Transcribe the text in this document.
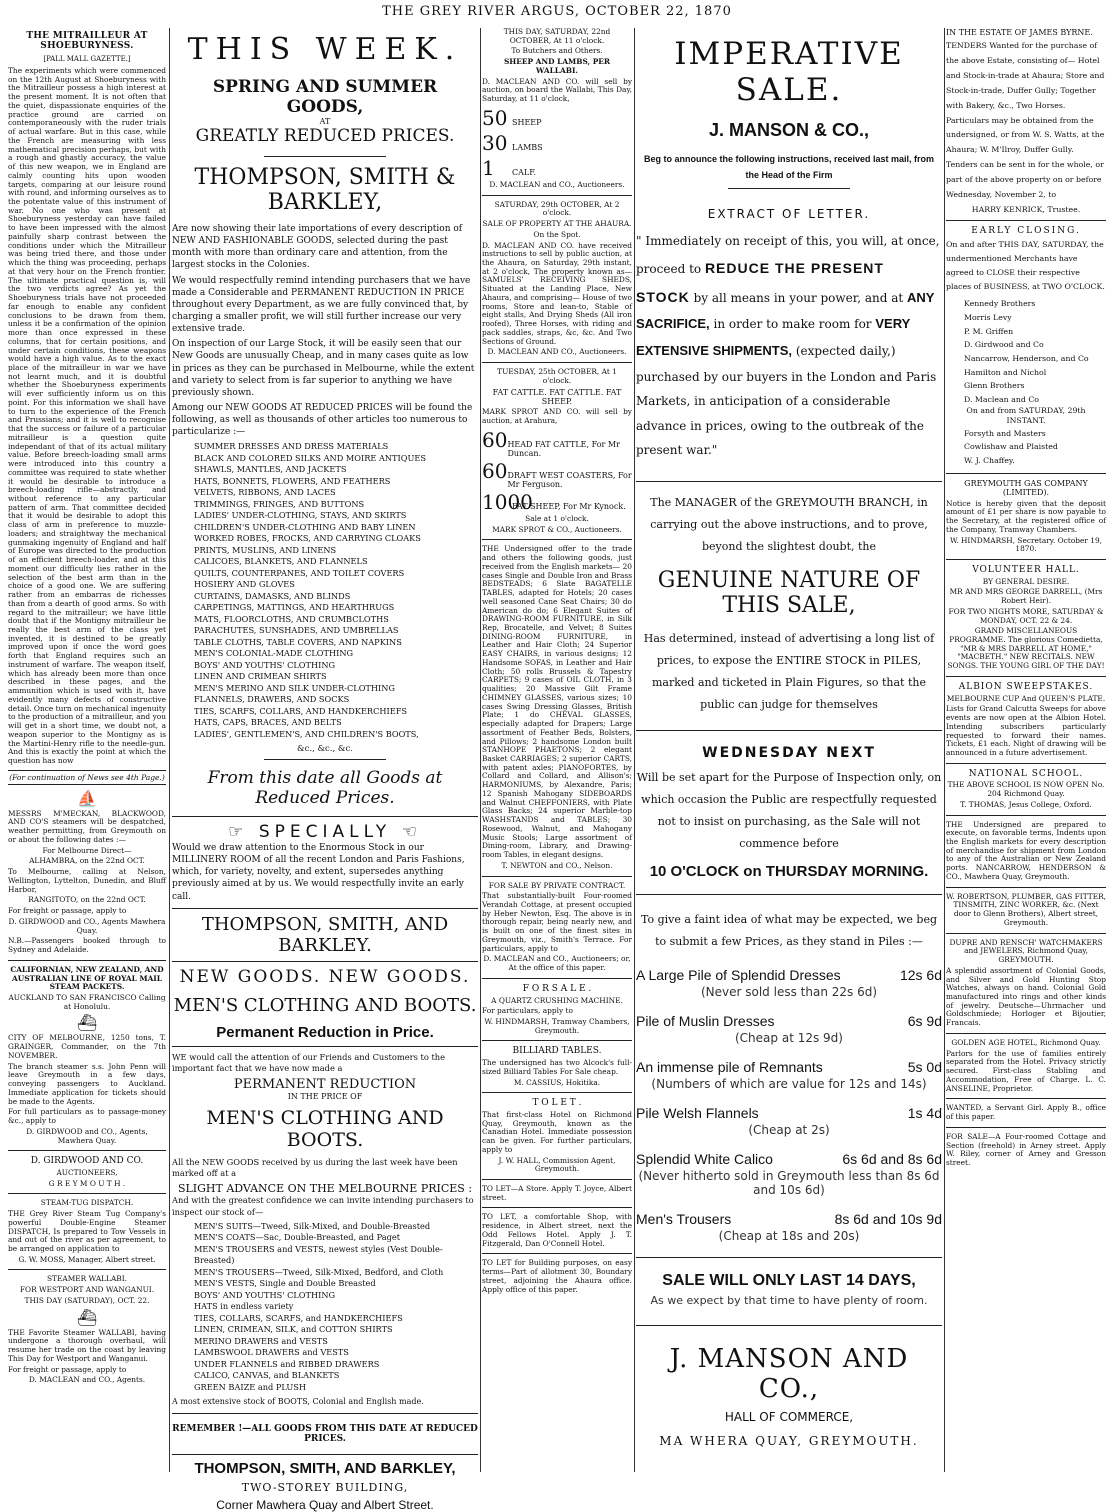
THE GREY RIVER ARGUS, OCTOBER 22, 1870
THE MITRAILLEUR AT SHOEBURYNESS.
[PALL MALL GAZETTE.]

The experiments which were commenced on the 12th August at Shoeburyness with the Mitrailleur possess a high interest at the present moment. It is not often that the quiet, dispassionate enquiries of the practice ground are carried on contemporaneously with the ruder trials of actual warfare. But in this case, while the French are measuring with less mathematical precision perhaps, but with a rough and ghastly accuracy, the value of this new weapon, we in England are calmly counting hits upon wooden targets, comparing at our leisure round with round, and informing ourselves as to the potentate value of this instrument of war. No one who was present at Shoeburyness yesterday can have failed to have been impressed with the almost painfully sharp contrast between the conditions under which the Mitrailleur was being tried there, and those under which the thing was proceeding, perhaps at that very hour on the French frontier. The ultimate practical question is, will the two verdicts agree? As yet the Shoeburyness trials have not proceeded far enough to enable any confident conclusions to be drawn from them, unless it be a confirmation of the opinion more than once expressed in these columns, that for certain positions, and under certain conditions, these weapons would have a high value. As to the exact place of the mitrailleur in war we have not learnt much, and it is doubtful whether the Shoeburyness experiments will ever sufficiently inform us on this point. For this information we shall have to turn to the experience of the French and Prussians; and it is well to recognise that the success or failure of a particular mitrailleur is a question quite independant of that of its actual military value. Before breech-loading small arms were introduced into this country a committee was required to state whether it would be desirable to introduce a breech-loading rifle—abstractly, and without reference to any particular pattern of arm. That committee decided that it would be desirable to adopt this class of arm in preference to muzzle-loaders; and straightway the mechanical gunmaking ingenuity of England and half of Europe was directed to the production of an efficient breech-loader, and at this moment our difficulty lies rather in the selection of the best arm than in the choice of a good one. We are suffering rather from an embarras de richesses than from a dearth of good arms. So with regard to the mitrailleur; we have little doubt that if the Montigny mitrailleur be really the best arm of the class yet invented, it is destined to be greatly improved upon if once the word goes forth that England requires such an instrument of warfare. The weapon itself, which has already been more than once described in these pages, and the ammunition which is used with it, have evidently many defects of constructive detail. Once turn on mechanical ingenuity to the production of a mitrailleur, and you will get in a short time, we doubt not, a weapon superior to the Montigny as is the Martini-Henry rifle to the needle-gun. And this is exactly the point at which the question has now

(For continuation of News see 4th Page.)
⛵

MESSRS M'MECKAN, BLACKWOOD, AND CO'S steamers will be despatched, weather permitting, from Greymouth on or about the following dates :—

For Melbourne Direct—

ALHAMBRA, on the 22nd OCT.

To Melbourne, calling at Nelson, Wellington, Lyttelton, Dunedin, and Bluff Harbor,

RANGITOTO, on the 22nd OCT.

For freight or passage, apply to

D. GIRDWOOD and CO., Agents Mawhera Quay.

N.B.—Passengers booked through to Sydney and Adelaide.

CALIFORNIAN, NEW ZEALAND, AND AUSTRALIAN LINE OF ROYAL MAIL STEAM PACKETS.

AUCKLAND TO SAN FRANCISCO Calling at Honolulu.

⛴

CITY OF MELBOURNE, 1250 tons, T. GRAINGER, Commander, on the 7th NOVEMBER.

The branch steamer s.s. John Penn will leave Greymouth in a few days, conveying passengers to Auckland. Immediate application for tickets should be made to the Agents.

For full particulars as to passage-money &c., apply to

D. GIRDWOOD and CO., Agents, Mawhera Quay.

D. GIRDWOOD AND CO.

AUCTIONEERS,

G R E Y M O U T H .

STEAM-TUG DISPATCH.

THE Grey River Steam Tug Company's powerful Double-Engine Steamer DISPATCH, Is prepared to Tow Vessels in and out of the river as per agreement, to be arranged on application to

G. W. MOSS, Manager, Albert street.

STEAMER WALLABI.

FOR WESTPORT AND WANGANUI.

THIS DAY (SATURDAY), OCT. 22.

⛴

THE Favorite Steamer WALLABI, having undergone a thorough overhaul, will resume her trade on the coast by leaving This Day for Westport and Wanganui.

For freight or passage, apply to

D. MACLEAN and CO., Agents.

THIS WEEK.
SPRING AND SUMMER GOODS,
AT
GREATLY REDUCED PRICES.
THOMPSON, SMITH & BARKLEY,

Are now showing their late importations of every description of NEW AND FASHIONABLE GOODS, selected during the past month with more than ordinary care and attention, from the largest stocks in the Colonies.

We would respectfully remind intending purchasers that we have made a Considerable and PERMANENT REDUCTION IN PRICE throughout every Department, as we are fully convinced that, by charging a smaller profit, we will still further increase our very extensive trade.

On inspection of our Large Stock, it will be easily seen that our New Goods are unusually Cheap, and in many cases quite as low in prices as they can be purchased in Melbourne, while the extent and variety to select from is far superior to anything we have previously shown.

Among our NEW GOODS AT REDUCED PRICES will be found the following, as well as thousands of other articles too numerous to particularize :—

SUMMER DRESSES AND DRESS MATERIALS
BLACK AND COLORED SILKS AND MOIRE ANTIQUES
SHAWLS, MANTLES, AND JACKETS
HATS, BONNETS, FLOWERS, AND FEATHERS
VELVETS, RIBBONS, AND LACES
TRIMMINGS, FRINGES, AND BUTTONS
LADIES' UNDER-CLOTHING, STAYS, AND SKIRTS
CHILDREN'S UNDER-CLOTHING AND BABY LINEN
WORKED ROBES, FROCKS, AND CARRYING CLOAKS
PRINTS, MUSLINS, AND LINENS
CALICOES, BLANKETS, AND FLANNELS
QUILTS, COUNTERPANES, AND TOILET COVERS
HOSIERY AND GLOVES
CURTAINS, DAMASKS, AND BLINDS
CARPETINGS, MATTINGS, AND HEARTHRUGS
MATS, FLOORCLOTHS, AND CRUMBCLOTHS
PARACHUTES, SUNSHADES, AND UMBRELLAS
TABLE CLOTHS, TABLE COVERS, AND NAPKINS
MEN'S COLONIAL-MADE CLOTHING
BOYS' AND YOUTHS' CLOTHING
LINEN AND CRIMEAN SHIRTS
MEN'S MERINO AND SILK UNDER-CLOTHING
FLANNELS, DRAWERS, AND SOCKS
TIES, SCARFS, COLLARS, AND HANDKERCHIEFS
HATS, CAPS, BRACES, AND BELTS
LADIES', GENTLEMEN'S, AND CHILDREN'S BOOTS,
&c., &c., &c.
From this date all Goods at Reduced Prices.
☞ SPECIALLY ☜

Would we draw attention to the Enormous Stock in our MILLINERY ROOM of all the recent London and Paris Fashions, which, for variety, novelty, and extent, supersedes anything previously aimed at by us. We would respectfully invite an early call.

THOMPSON, SMITH, AND BARKLEY.
NEW GOODS. NEW GOODS.
MEN'S CLOTHING AND BOOTS.
Permanent Reduction in Price.

WE would call the attention of our Friends and Customers to the important fact that we have now made a

PERMANENT REDUCTION
IN THE PRICE OF
MEN'S CLOTHING AND BOOTS.

All the NEW GOODS received by us during the last week have been marked off at a

SLIGHT ADVANCE ON THE MELBOURNE PRICES :

And with the greatest confidence we can invite intending purchasers to inspect our stock of—

MEN'S SUITS—Tweed, Silk-Mixed, and Double-Breasted
MEN'S COATS—Sac, Double-Breasted, and Paget
MEN'S TROUSERS and VESTS, newest styles (Vest Double-Breasted)
MEN'S TROUSERS—Tweed, Silk-Mixed, Bedford, and Cloth
MEN'S VESTS, Single and Double Breasted
BOYS' AND YOUTHS' CLOTHING
HATS in endless variety
TIES, COLLARS, SCARFS, and HANDKERCHIEFS
LINEN, CRIMEAN, SILK, and COTTON SHIRTS
MERINO DRAWERS and VESTS
LAMBSWOOL DRAWERS and VESTS
UNDER FLANNELS and RIBBED DRAWERS
CALICO, CANVAS, and BLANKETS
GREEN BAIZE and PLUSH

A most extensive stock of BOOTS, Colonial and English made.

REMEMBER !—ALL GOODS FROM THIS DATE AT REDUCED PRICES.
THOMPSON, SMITH, AND BARKLEY,
TWO-STOREY BUILDING,
Corner Mawhera Quay and Albert Street.

THIS DAY, SATURDAY, 22nd OCTOBER, At 11 o'clock.

To Butchers and Others.

SHEEP AND LAMBS, PER WALLABI.

D. MACLEAN AND CO. will sell by auction, on board the Wallabi, This Day, Saturday, at 11 o'clock,

50 SHEEP
30 LAMBS
1	CALF.

D. MACLEAN and CO., Auctioneers.

SATURDAY, 29th OCTOBER, At 2 o'clock.

SALE OF PROPERTY AT THE AHAURA.

On the Spot.

D. MACLEAN AND CO. have received instructions to sell by public auction, at the Ahaura, on Saturday, 29th instant, at 2 o'clock, The property known as— SAMUELS' RECEIVING SHEDS, Situated at the Landing Place, New Ahaura, and comprising— House of two rooms, Store and lean-to, Stable of eight stalls, And Drying Sheds (All iron roofed), Three Horses, with riding and pack saddles, straps, &c, &c. And Two Sections of Ground.

D. MACLEAN AND CO., Auctioneers.

TUESDAY, 25th OCTOBER, At 1 o'clock.

FAT CATTLE. FAT CATTLE. FAT SHEEP.

MARK SPROT AND CO. will sell by auction, at Arahura,

60 HEAD FAT CATTLE, For Mr Duncan.
60 DRAFT WEST COASTERS, For Mr Ferguson.
1000
FAT SHEEP, For Mr Kynock.

Sale at 1 o'clock.

MARK SPROT & CO., Auctioneers.

THE Undersigned offer to the trade and others the following goods, just received from the English markets— 20 cases Single and Double Iron and Brass BEDSTEADS; 6 Slate BAGATELLE TABLES, adapted for Hotels; 20 cases well seasoned Cane Seat Chairs; 30 do American do do; 6 Elegant Suites of DRAWING-ROOM FURNITURE, in Silk Rep, Brocatelle, and Velvet; 8 Suites DINING-ROOM FURNITURE, in Leather and Hair Cloth; 24 Superior EASY CHAIRS, in various designs; 12 Handsome SOFAS, in Leather and Hair Cloth; 50 rolls Brussels & Tapestry CARPETS; 9 cases of OIL CLOTH, in 3 qualities; 20 Massive Gilt Frame CHIMNEY GLASSES, various sizes; 10 cases Swing Dressing Glasses, British Plate; 1 do CHEVAL GLASSES, especially adapted for Drapers; Large assortment of Feather Beds, Bolsters, and Pillows; 2 handsome London built STANHOPE PHAETONS; 2 elegant Basket CARRIAGES; 2 superior CARTS, with patent axles; PIANOFORTES, by Collard and Collard, and Allison's; HARMONIUMS, by Alexandre, Paris; 12 Spanish Mahogany SIDEBOARDS and Walnut CHEFFONIERS, with Plate Glass Backs; 24 superior Marble-top WASHSTANDS and TABLES; 30 Rosewood, Walnut, and Mahogany Music Stools; Large assortment of Dining-room, Library, and Drawing-room Tables, in elegant designs.

T. NEWTON and CO., Nelson.

FOR SALE BY PRIVATE CONTRACT.

That substantially-built Four-roomed Verandah Cottage, at present occupied by Heber Newton, Esq. The above is in thorough repair, being nearly new, and is built on one of the finest sites in Greymouth, viz., Smith's Terrace. For particulars, apply to

D. MACLEAN and CO., Auctioneers; or, At the office of this paper.

F O R S A L E .

A QUARTZ CRUSHING MACHINE.

For particulars, apply to

W. HINDMARSH, Tramway Chambers, Greymouth.

BILLIARD TABLES.

The undersigned has two Alcock's full-sized Billiard Tables For Sale cheap.

M. CASSIUS, Hokitika.

T O L E T .

That first-class Hotel on Richmond Quay, Greymouth, known as the Canadian Hotel. Immediate possession can be given. For further particulars, apply to

J. W. HALL, Commission Agent, Greymouth.

TO LET—A Store. Apply T. Joyce, Albert street.

TO LET, a comfortable Shop, with residence, in Albert street, next the Odd Fellows Hotel. Apply J. T. Fitzgerald, Dan O'Connell Hotel.

TO LET for Building purposes, on easy terms—Part of allotment 30, Boundary street, adjoining the Ahaura office. Apply office of this paper.

IMPERATIVE SALE.
J. MANSON & CO.,
Beg to announce the following instructions, received last mail, from the Head of the Firm
EXTRACT OF LETTER.
" Immediately on receipt of this, you will, at once, proceed to REDUCE THE PRESENT STOCK by all means in your power, and at ANY SACRIFICE, in order to make room for VERY EXTENSIVE SHIPMENTS, (expected daily,) purchased by our buyers in the London and Paris Markets, in anticipation of a considerable advance in prices, owing to the outbreak of the present war."

The MANAGER of the GREYMOUTH BRANCH, in carrying out the above instructions, and to prove, beyond the slightest doubt, the

GENUINE NATURE OF THIS SALE,

Has determined, instead of advertising a long list of prices, to expose the ENTIRE STOCK in PILES, marked and ticketed in Plain Figures, so that the public can judge for themselves

WEDNESDAY NEXT

Will be set apart for the Purpose of Inspection only, on which occasion the Public are respectfully requested not to insist on purchasing, as the Sale will not commence before

10 O'CLOCK on THURSDAY MORNING.

To give a faint idea of what may be expected, we beg to submit a few Prices, as they stand in Piles :—

A Large Pile of Splendid Dresses	12s 6d
(Never sold less than 22s 6d)
Pile of Muslin Dresses	6s 9d
(Cheap at 12s 9d)
An immense pile of Remnants	5s 0d
(Numbers of which are value for 12s and 14s)
Pile Welsh Flannels	1s 4d
(Cheap at 2s)
Splendid White Calico	6s 6d and 8s 6d
(Never hitherto sold in Greymouth less than 8s 6d and 10s 6d)
Men's Trousers	8s 6d and 10s 9d
(Cheap at 18s and 20s)
SALE WILL ONLY LAST 14 DAYS,
As we expect by that time to have plenty of room.
J. MANSON AND CO.,
HALL OF COMMERCE,
MA WHERA QUAY, GREYMOUTH.

IN THE ESTATE OF JAMES BYRNE.

TENDERS Wanted for the purchase of the above Estate, consisting of— Hotel and Stock-in-trade at Ahaura; Store and Stock-in-trade, Duffer Gully; Together with Bakery, &c., Two Horses. Particulars may be obtained from the undersigned, or from W. S. Watts, at the Ahaura; W. M'Ilroy, Duffer Gully. Tenders can be sent in for the whole, or part of the above property on or before Wednesday, November 2, to

HARRY KENRICK, Trustee.

EARLY CLOSING.

On and after THIS DAY, SATURDAY, the undermentioned Merchants have agreed to CLOSE their respective places of BUSINESS, at TWO O'CLOCK.

Kennedy Brothers
Morris Levy
P. M. Griffen
D. Girdwood and Co
Nancarrow, Henderson, and Co
Hamilton and Nichol
Glenn Brothers
D. Maclean and Co

On and from SATURDAY, 29th INSTANT.

Forsyth and Masters
Cowlishaw and Plaisted
W. J. Chaffey.

GREYMOUTH GAS COMPANY (LIMITED).

Notice is hereby given that the deposit amount of £1 per share is now payable to the Secretary, at the registered office of the Company, Tramway Chambers.

W. HINDMARSH, Secretary. October 19, 1870.

VOLUNTEER HALL.

BY GENERAL DESIRE.

MR AND MRS GEORGE DARRELL, (Mrs Robert Heir).

FOR TWO NIGHTS MORE, SATURDAY & MONDAY, OCT. 22 & 24.

GRAND MISCELLANEOUS PROGRAMME. The glorious Comedietta, "MR & MRS DARRELL AT HOME," "MACBETH." NEW RECITALS. NEW SONGS. THE YOUNG GIRL OF THE DAY!

ALBION SWEEPSTAKES.

MELBOURNE CUP And QUEEN'S PLATE.

Lists for Grand Calcutta Sweeps for above events are now open at the Albion Hotel. Intending subscribers particularly requested to forward their names. Tickets, £1 each. Night of drawing will be announced in a future advertisement.

NATIONAL SCHOOL.

THE ABOVE SCHOOL IS NOW OPEN No. 204 Richmond Quay.

T. THOMAS, Jesus College, Oxford.

THE Undersigned are prepared to execute, on favorable terms, Indents upon the English markets for every description of merchandise for shipment from London to any of the Australian or New Zealand ports. NANCARROW, HENDERSON & CO., Mawhera Quay, Greymouth.

W. ROBERTSON, PLUMBER, GAS FITTER, TINSMITH, ZINC WORKER, &c. (Next door to Glenn Brothers), Albert street, Greymouth.

DUPRE AND RENSCH' WATCHMAKERS and JEWELERS, Richmond Quay, GREYMOUTH.

A splendid assortment of Colonial Goods, and Silver and Gold Hunting Stop Watches, always on hand. Colonial Gold manufactured into rings and other kinds of jewelry. Deutsche—Uhrmacher und Goldschmiede; Horloger et Bijoutier, Francais.

GOLDEN AGE HOTEL, Richmond Quay.

Parlors for the use of families entirely separated from the Hotel. Privacy strictly secured. First-class Stabling and Accommodation, Free of Charge. L. C. ANSELINE, Proprietor.

WANTED, a Servant Girl. Apply B., office of this paper.

FOR SALE—A Four-roomed Cottage and Section (freehold) in Arney street. Apply W. Riley, corner of Arney and Gresson street.
